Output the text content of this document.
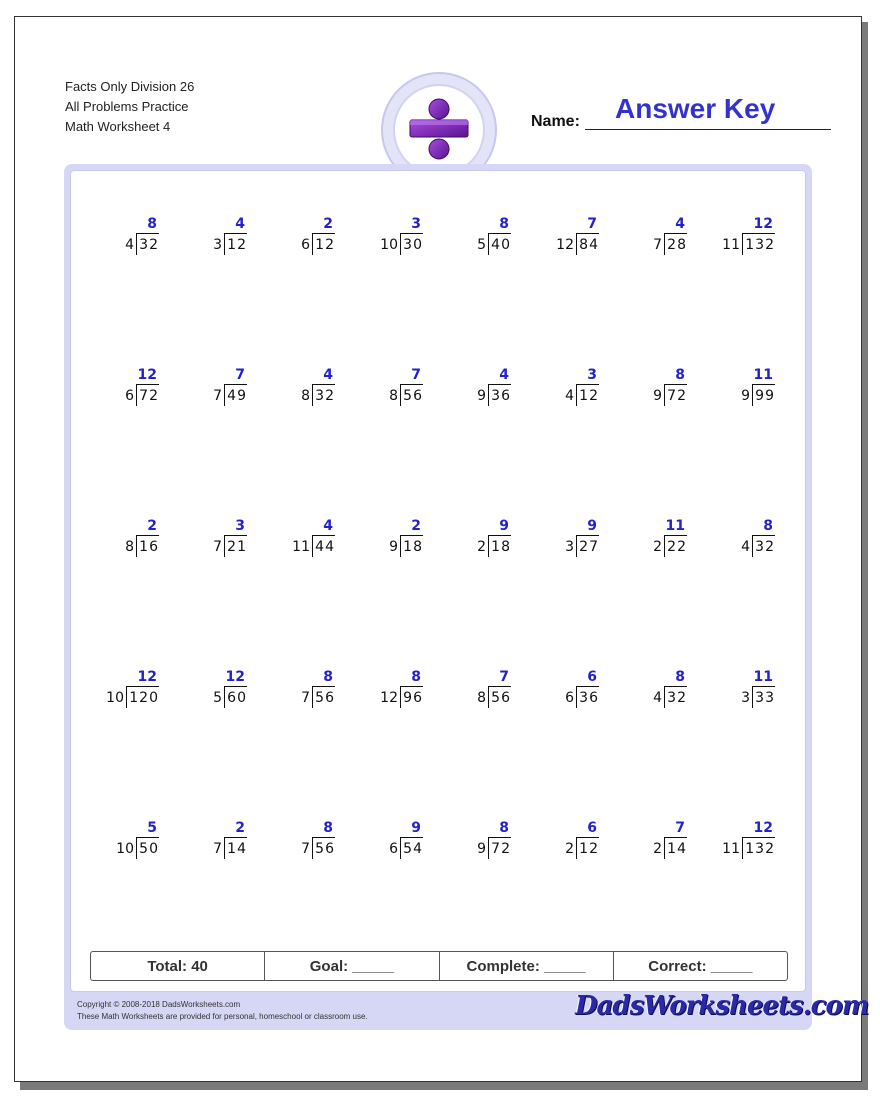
Facts Only Division 26
All Problems Practice
Math Worksheet 4	Name: Answer Key
8
4 32
4
3 12
2
6 12
3
10 30
8
5 40
7
12 84
4
7 28
12
11 132
12
6 72
7
7 49
4
8 32
7
8 56
4
9 36
3
4 12
8
9 72
11
9 99
2
8 16
3
7 21
4
11 44
2
9 18
9
2 18
9
3 27
11
2 22
8
4 32
12
10 120
12
5 60
8
7 56
8
12 96
7
8 56
6
6 36
8
4 32
11
3 33
5
10 50
2
7 14
8
7 56
9
6 54
8
9 72
6
2 12
7
2 14
12
11 132
Total: 40	Goal: _____	Complete: _____	Correct: _____
Copyright © 2008-2018 DadsWorksheets.com
These Math Worksheets are provided for personal, homeschool or classroom use.	DadsWorksheets.com
